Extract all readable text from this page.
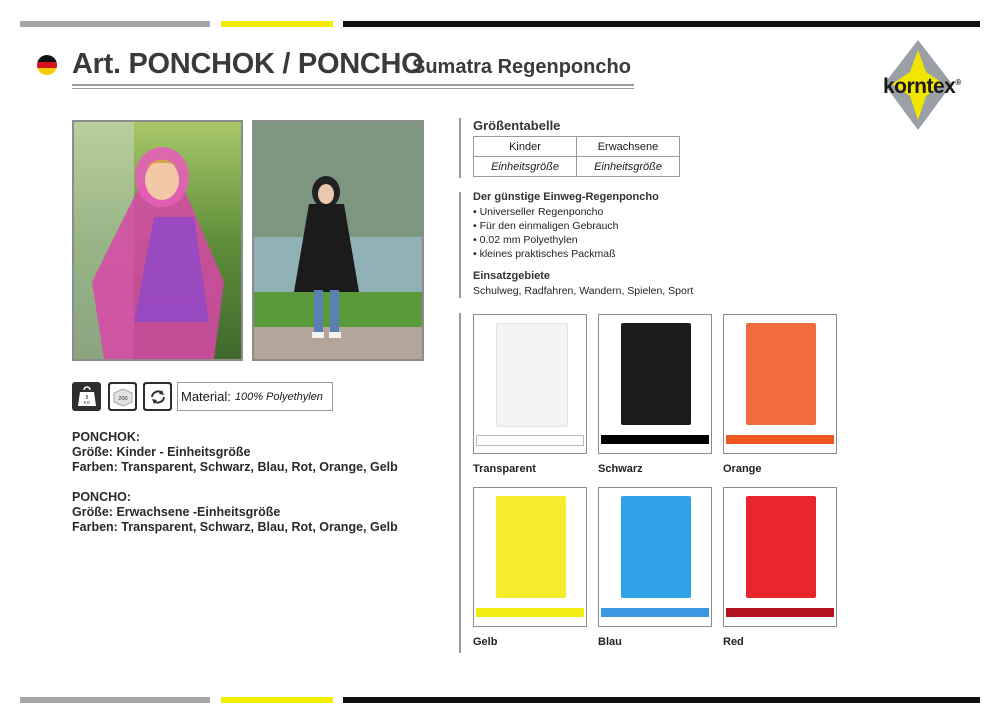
Art. PONCHOK / PONCHO
Sumatra Regenponcho
korntex®
8
KG
200	Material: 100% Polyethylen
PONCHOK:
Größe: Kinder - Einheitsgröße
Farben: Transparent, Schwarz, Blau, Rot, Orange, Gelb
PONCHO:
Größe: Erwachsene -Einheitsgröße
Farben: Transparent, Schwarz, Blau, Rot, Orange, Gelb
Größentabelle
Kinder	Erwachsene
Einheitsgröße	Einheitsgröße
Der günstige Einweg-Regenponcho
• Universeller Regenponcho
• Für den einmaligen Gebrauch
• 0.02 mm Polyethylen
• kleines praktisches Packmaß
Einsatzgebiete
Schulweg, Radfahren, Wandern, Spielen, Sport
Transparent	Schwarz	Orange
Gelb	Blau	Red
